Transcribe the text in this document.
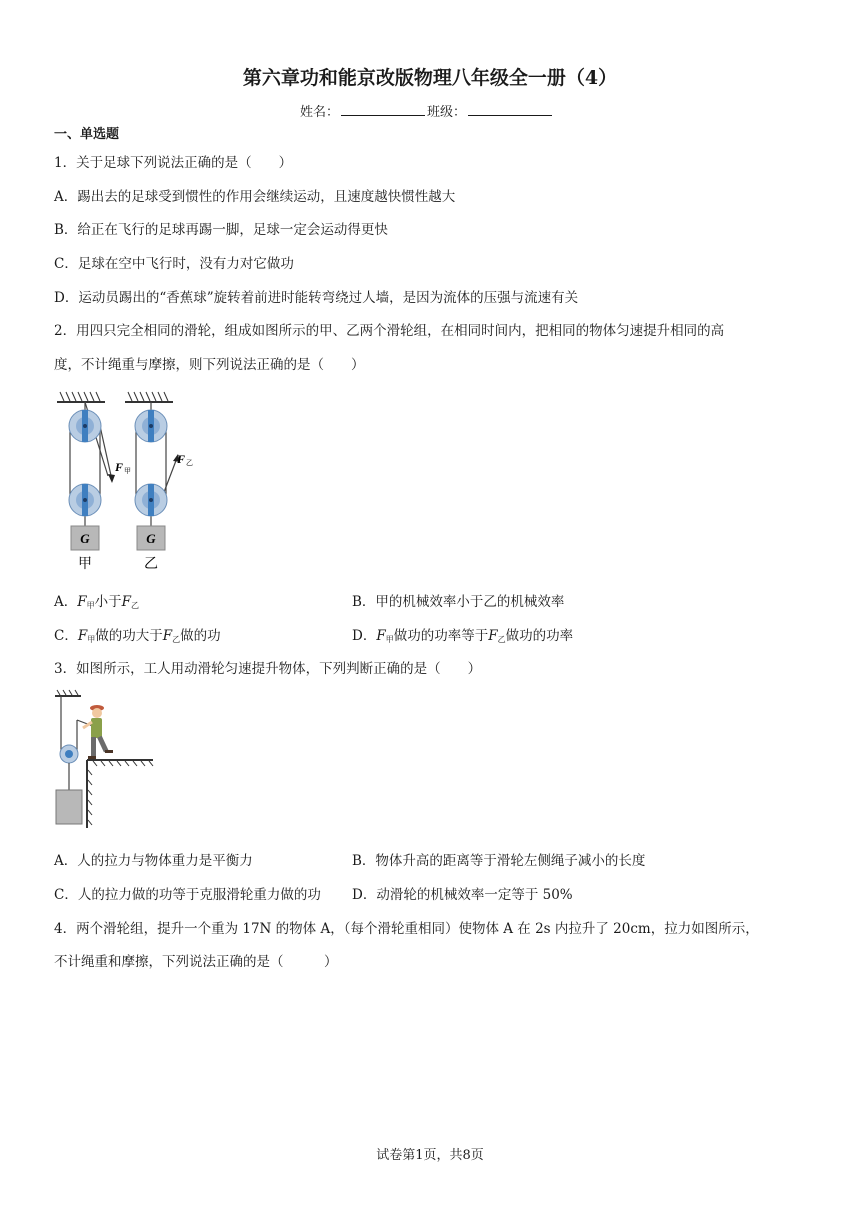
第六章功和能京改版物理八年级全一册（4）
姓名：	班级：
一、单选题
1．关于足球下列说法正确的是（　　）
A．踢出去的足球受到惯性的作用会继续运动，且速度越快惯性越大
B．给正在飞行的足球再踢一脚，足球一定会运动得更快
C．足球在空中飞行时，没有力对它做功
D．运动员踢出的“香蕉球”旋转着前进时能转弯绕过人墙，是因为流体的压强与流速有关
2．用四只完全相同的滑轮，组成如图所示的甲、乙两个滑轮组，在相同时间内，把相同的物体匀速提升相同的高
度，不计绳重与摩擦，则下列说法正确的是（　　）
F 甲
F 乙
G	G
甲	乙
A．$F_甲$小于$F_乙$	B．甲的机械效率小于乙的机械效率
C．$F_甲$做的功大于$F_乙$做的功	D．$F_甲$做功的功率等于$F_乙$做功的功率
3．如图所示，工人用动滑轮匀速提升物体，下列判断正确的是（　　）
A．人的拉力与物体重力是平衡力	B．物体升高的距离等于滑轮左侧绳子减小的长度
C．人的拉力做的功等于克服滑轮重力做的功 D．动滑轮的机械效率一定等于 50%
4．两个滑轮组，提升一个重为 17N 的物体 A，（每个滑轮重相同）使物体 A 在 2s 内拉升了 20cm，拉力如图所示，
不计绳重和摩擦，下列说法正确的是（　　　）
试卷第1页，共8页
